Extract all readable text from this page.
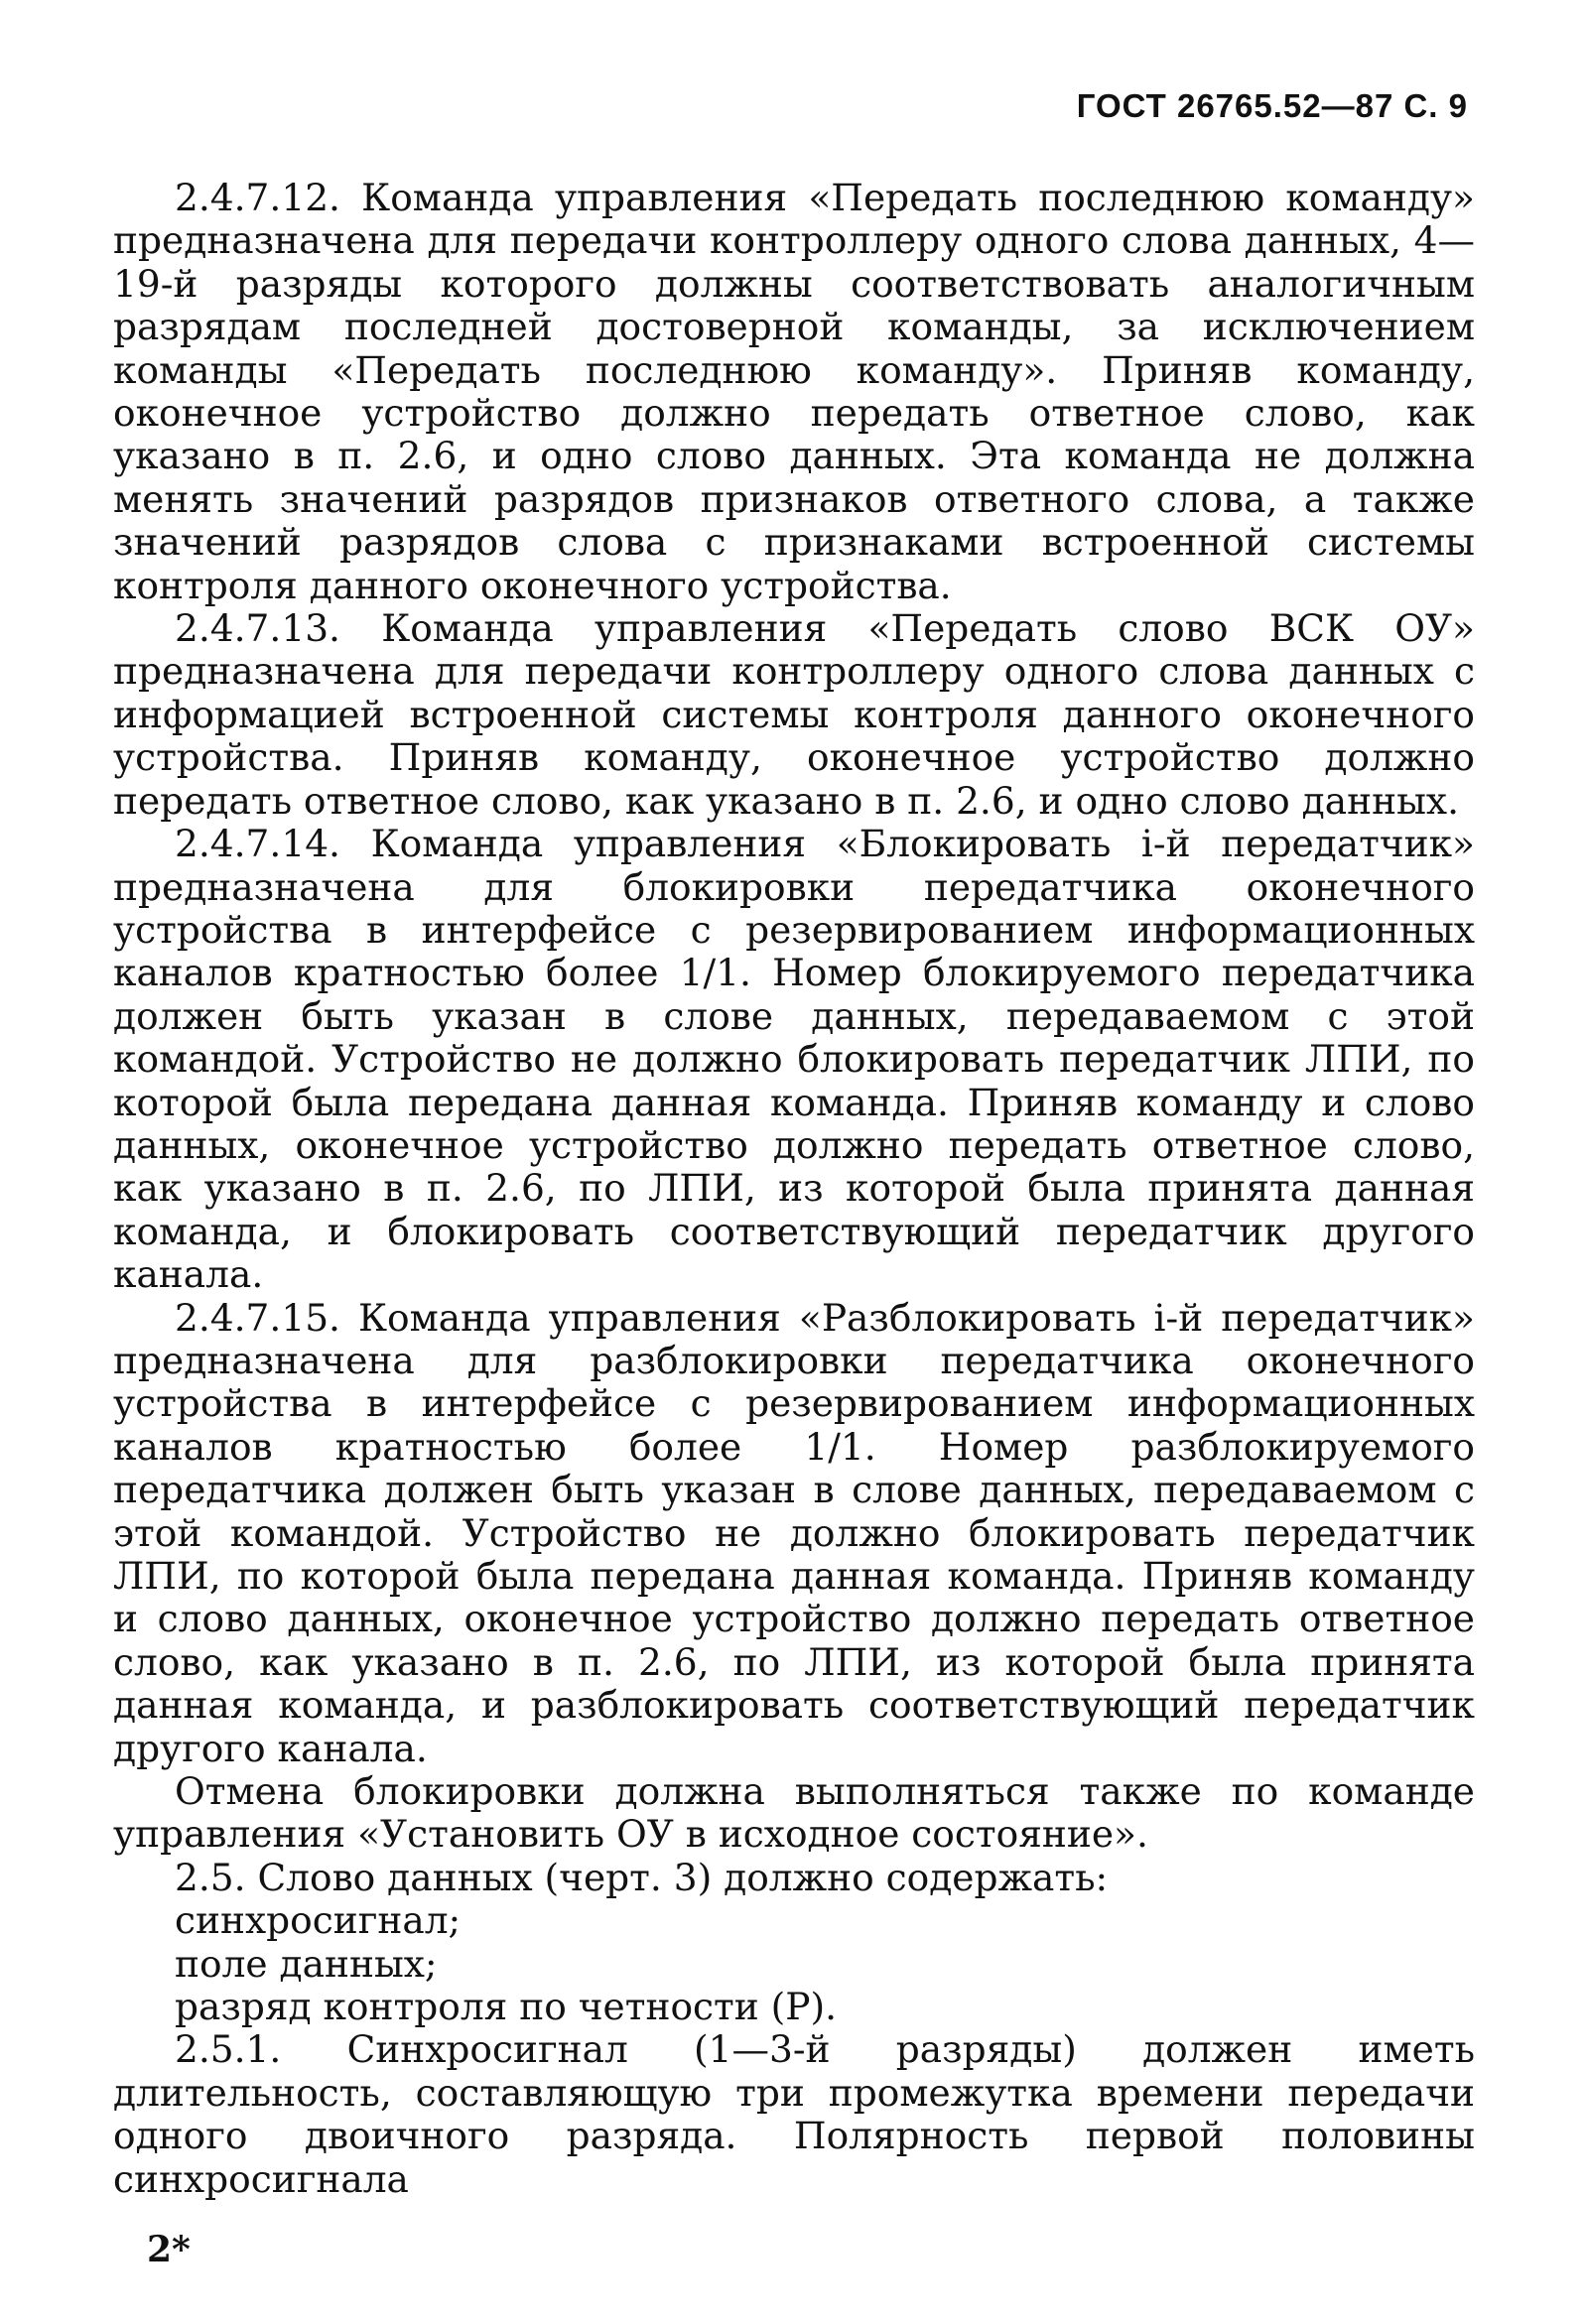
ГОСТ 26765.52—87 С. 9

2.4.7.12. Команда управления «Передать последнюю команду» предназначена для передачи контроллеру одного слова данных, 4—19-й разряды которого должны соответствовать аналогичным разрядам последней достоверной команды, за исключением команды «Передать последнюю команду». Приняв команду, оконечное устройство должно передать ответное слово, как указано в п. 2.6, и одно слово данных. Эта команда не должна менять значений разрядов признаков ответного слова, а также значений разрядов слова с признаками встроенной системы контроля данного оконечного устройства.

2.4.7.13. Команда управления «Передать слово ВСК ОУ» предназначена для передачи контроллеру одного слова данных с информацией встроенной системы контроля данного оконечного устройства. Приняв команду, оконечное устройство должно передать ответное слово, как указано в п. 2.6, и одно слово данных.

2.4.7.14. Команда управления «Блокировать i-й передатчик» предназначена для блокировки передатчика оконечного устройства в интерфейсе с резервированием информационных каналов кратностью более 1/1. Номер блокируемого передатчика должен быть указан в слове данных, передаваемом с этой командой. Устройство не должно блокировать передатчик ЛПИ, по которой была передана данная команда. Приняв команду и слово данных, оконечное устройство должно передать ответное слово, как указано в п. 2.6, по ЛПИ, из которой была принята данная команда, и блокировать соответствующий передатчик другого канала.

2.4.7.15. Команда управления «Разблокировать i-й передатчик» предназначена для разблокировки передатчика оконечного устройства в интерфейсе с резервированием информационных каналов кратностью более 1/1. Номер разблокируемого передатчика должен быть указан в слове данных, передаваемом с этой командой. Устройство не должно блокировать передатчик ЛПИ, по которой была передана данная команда. Приняв команду и слово данных, оконечное устройство должно передать ответное слово, как указано в п. 2.6, по ЛПИ, из которой была принята данная команда, и разблокировать соответствующий передатчик другого канала.

Отмена блокировки должна выполняться также по команде управления «Установить ОУ в исходное состояние».

2.5. Слово данных (черт. 3) должно содержать:

синхросигнал;

поле данных;

разряд контроля по четности (Р).

2.5.1. Синхросигнал (1—3-й разряды) должен иметь длительность, составляющую три промежутка времени передачи одного двоичного разряда. Полярность первой половины синхросигнала

2*
